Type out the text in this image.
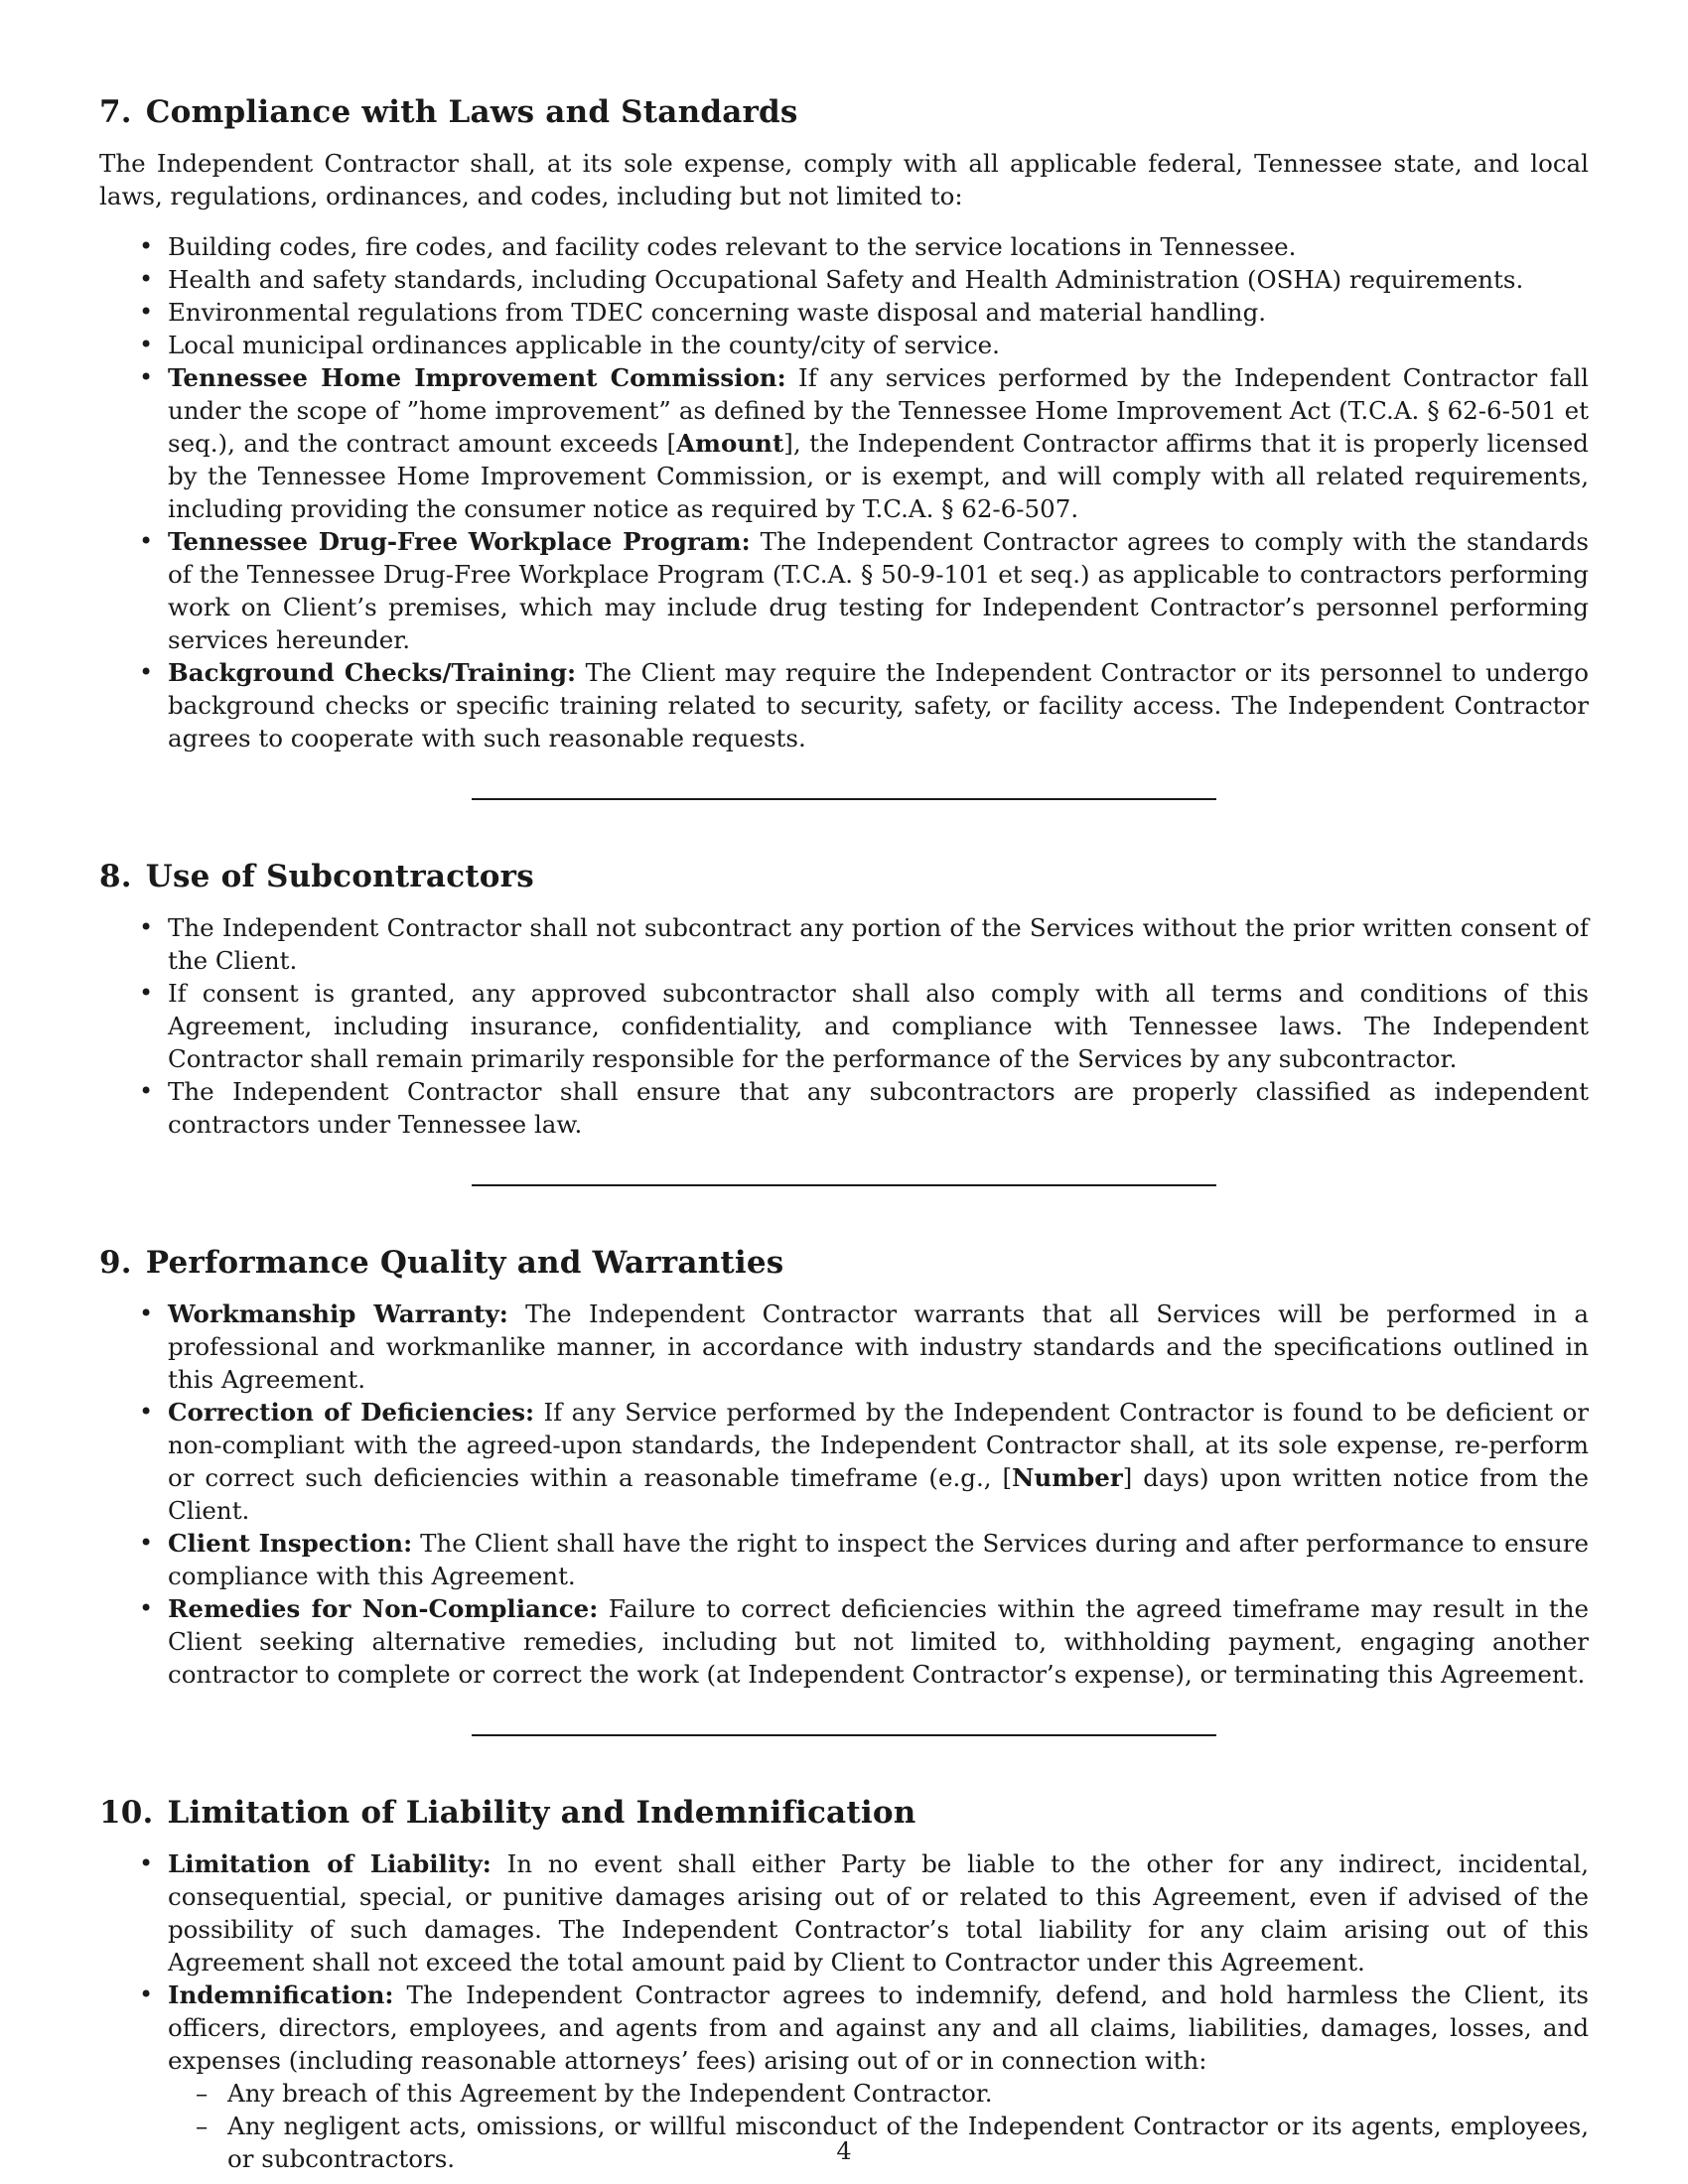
7. Compliance with Laws and Standards

The Independent Contractor shall, at its sole expense, comply with all applicable federal, Tennessee state, and local laws, regulations, ordinances, and codes, including but not limited to:

• Building codes, fire codes, and facility codes relevant to the service locations in Tennessee.
• Health and safety standards, including Occupational Safety and Health Administration (OSHA) requirements.
• Environmental regulations from TDEC concerning waste disposal and material handling.
• Local municipal ordinances applicable in the county/city of service.
• Tennessee Home Improvement Commission: If any services performed by the Independent Contractor fall under the scope of ”home improvement” as defined by the Tennessee Home Improvement Act (T.C.A. § 62-6-501 et seq.), and the contract amount exceeds [Amount], the Independent Contractor affirms that it is properly licensed by the Tennessee Home Improvement Commission, or is exempt, and will comply with all related requirements, including providing the consumer notice as required by T.C.A. § 62-6-507.
• Tennessee Drug-Free Workplace Program: The Independent Contractor agrees to comply with the standards of the Tennessee Drug-Free Workplace Program (T.C.A. § 50-9-101 et seq.) as applicable to contractors performing work on Client’s premises, which may include drug testing for Independent Contractor’s personnel performing services hereunder.
• Background Checks/Training: The Client may require the Independent Contractor or its personnel to undergo background checks or specific training related to security, safety, or facility access. The Independent Contractor agrees to cooperate with such reasonable requests.
8. Use of Subcontractors
• The Independent Contractor shall not subcontract any portion of the Services without the prior written consent of the Client.
• If consent is granted, any approved subcontractor shall also comply with all terms and conditions of this Agreement, including insurance, confidentiality, and compliance with Tennessee laws. The Independent Contractor shall remain primarily responsible for the performance of the Services by any subcontractor.
• The Independent Contractor shall ensure that any subcontractors are properly classified as independent contractors under Tennessee law.
9. Performance Quality and Warranties
• Workmanship Warranty: The Independent Contractor warrants that all Services will be performed in a professional and workmanlike manner, in accordance with industry standards and the specifications outlined in this Agreement.
• Correction of Deficiencies: If any Service performed by the Independent Contractor is found to be deficient or non-compliant with the agreed-upon standards, the Independent Contractor shall, at its sole expense, re-perform or correct such deficiencies within a reasonable timeframe (e.g., [Number] days) upon written notice from the Client.
• Client Inspection: The Client shall have the right to inspect the Services during and after performance to ensure compliance with this Agreement.
• Remedies for Non-Compliance: Failure to correct deficiencies within the agreed timeframe may result in the Client seeking alternative remedies, including but not limited to, withholding payment, engaging another contractor to complete or correct the work (at Independent Contractor’s expense), or terminating this Agreement.
10. Limitation of Liability and Indemnification
• Limitation of Liability: In no event shall either Party be liable to the other for any indirect, incidental, consequential, special, or punitive damages arising out of or related to this Agreement, even if advised of the possibility of such damages. The Independent Contractor’s total liability for any claim arising out of this Agreement shall not exceed the total amount paid by Client to Contractor under this Agreement.
• Indemnification: The Independent Contractor agrees to indemnify, defend, and hold harmless the Client, its officers, directors, employees, and agents from and against any and all claims, liabilities, damages, losses, and expenses (including reasonable attorneys’ fees) arising out of or in connection with:
– Any breach of this Agreement by the Independent Contractor.
– Any negligent acts, omissions, or willful misconduct of the Independent Contractor or its agents, employees, or subcontractors.	4
